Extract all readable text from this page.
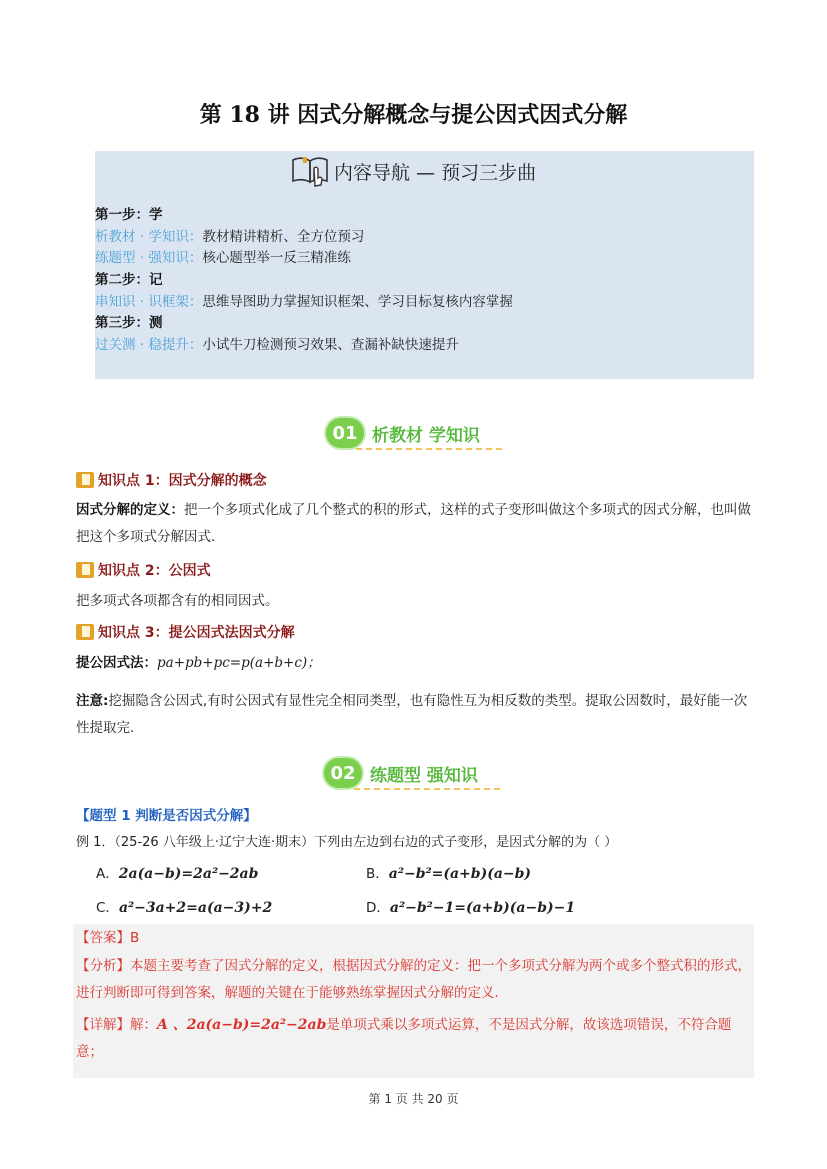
第 18 讲 因式分解概念与提公因式因式分解
内容导航 — 预习三步曲
第一步：学
析教材 · 学知识：教材精讲精析、全方位预习
练题型 · 强知识：核心题型举一反三精准练
第二步：记
串知识 · 识框架：思维导图助力掌握知识框架、学习目标复核内容掌握
第三步：测
过关测 · 稳提升：小试牛刀检测预习效果、查漏补缺快速提升
01 析教材 学知识
知识点 1：因式分解的概念
因式分解的定义：把一个多项式化成了几个整式的积的形式，这样的式子变形叫做这个多项式的因式分解，也叫做把这个多项式分解因式.
知识点 2：公因式
把多项式各项都含有的相同因式。
知识点 3：提公因式法因式分解
提公因式法：pa+pb+pc=p(a+b+c)；
注意:挖掘隐含公因式,有时公因式有显性完全相同类型，也有隐性互为相反数的类型。提取公因数时，最好能一次性提取完.
02 练题型 强知识
【题型 1 判断是否因式分解】
例 1．（25-26 八年级上·辽宁大连·期末）下列由左边到右边的式子变形，是因式分解的为（ ）
A．2a(a−b)=2a²−2ab	B．a²−b²=(a+b)(a−b)
C．a²−3a+2=a(a−3)+2	D．a²−b²−1=(a+b)(a−b)−1
【答案】B
【分析】本题主要考查了因式分解的定义，根据因式分解的定义：把一个多项式分解为两个或多个整式积的形式，进行判断即可得到答案，解题的关键在于能够熟练掌握因式分解的定义．
【详解】解：A 、2a(a−b)=2a²−2ab是单项式乘以多项式运算，不是因式分解，故该选项错误，不符合题意；
第 1 页 共 20 页
